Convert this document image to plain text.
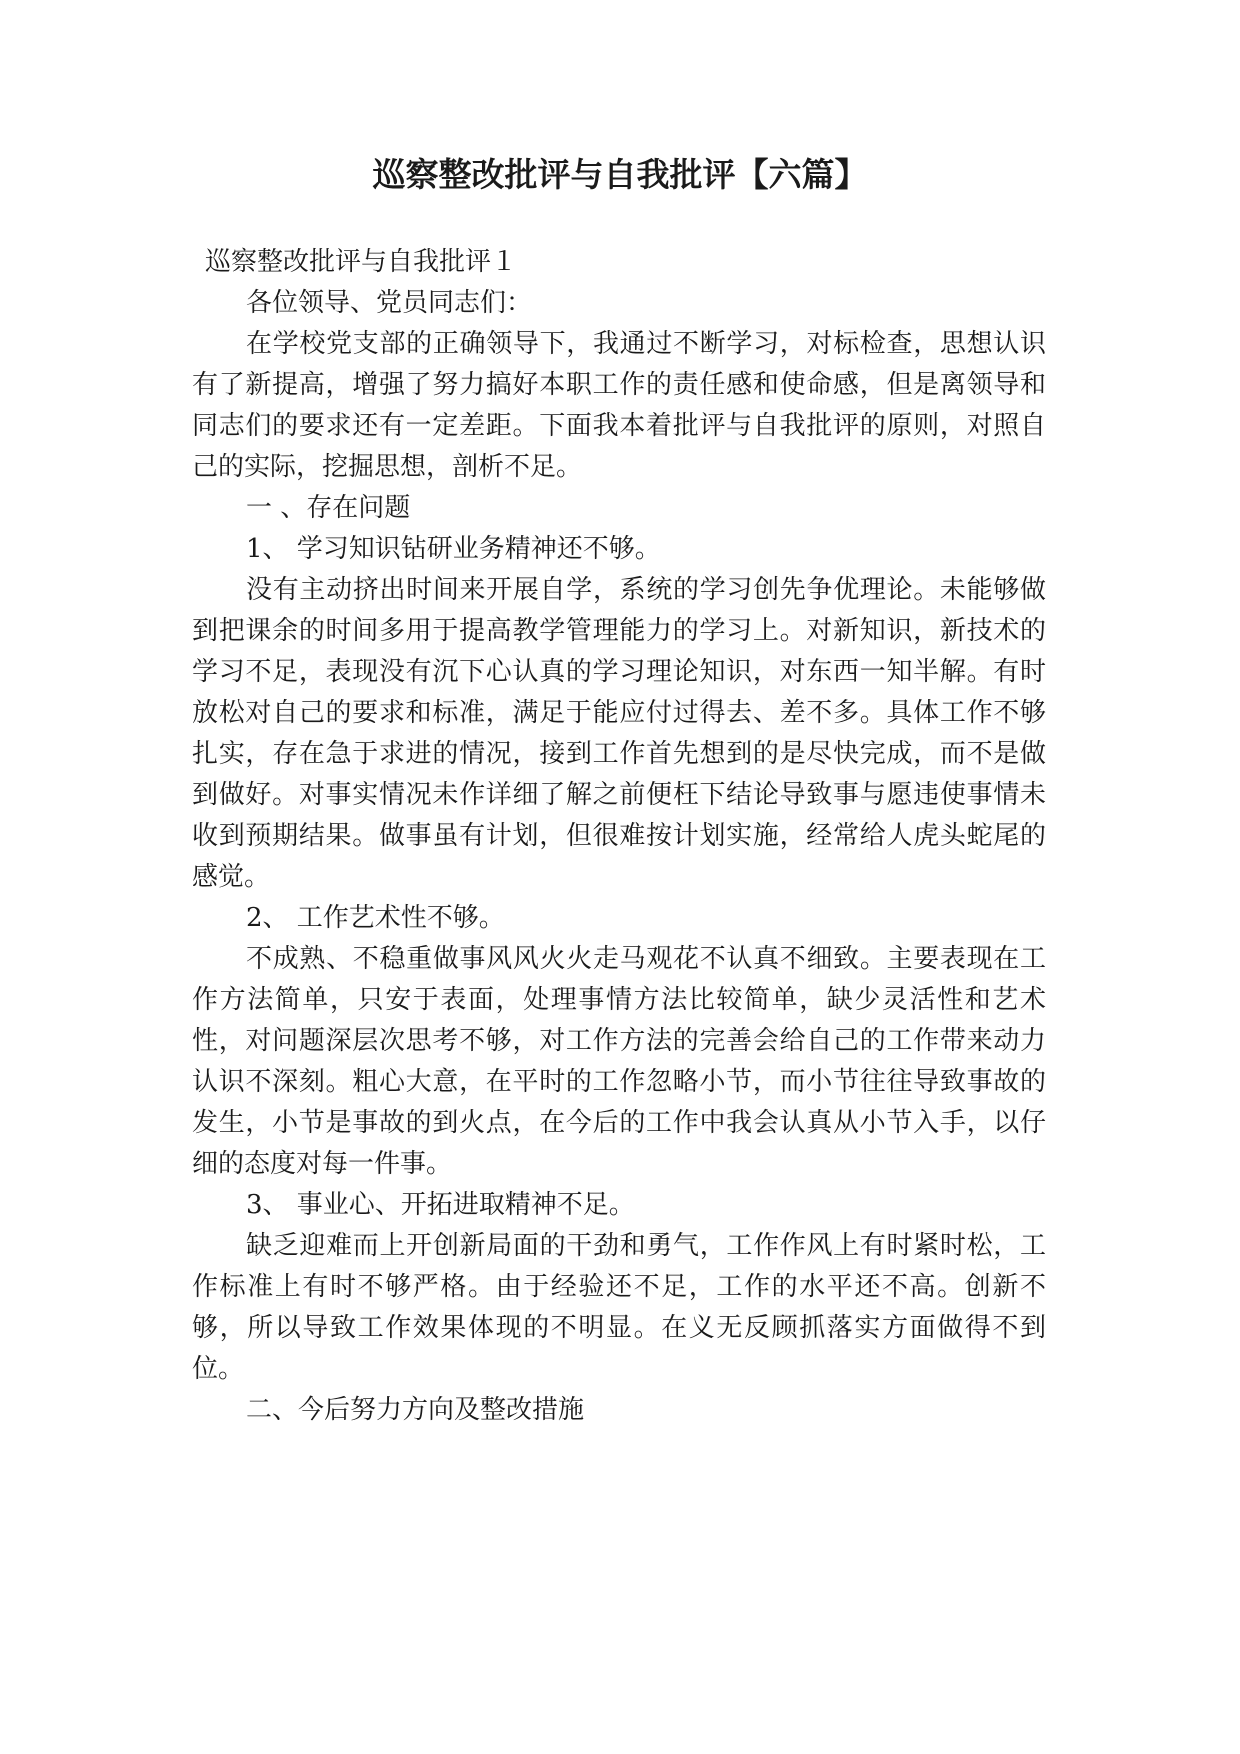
巡察整改批评与自我批评【六篇】

巡察整改批评与自我批评１

各位领导、党员同志们：

在学校党支部的正确领导下，我通过不断学习，对标检查，思想认识有了新提高，增强了努力搞好本职工作的责任感和使命感，但是离领导和同志们的要求还有一定差距。下面我本着批评与自我批评的原则，对照自己的实际，挖掘思想，剖析不足。

一 、存在问题

1、 学习知识钻研业务精神还不够。

没有主动挤出时间来开展自学，系统的学习创先争优理论。未能够做到把课余的时间多用于提高教学管理能力的学习上。对新知识，新技术的学习不足，表现没有沉下心认真的学习理论知识，对东西一知半解。有时放松对自己的要求和标准，满足于能应付过得去、差不多。具体工作不够扎实，存在急于求进的情况，接到工作首先想到的是尽快完成，而不是做到做好。对事实情况未作详细了解之前便枉下结论导致事与愿违使事情未收到预期结果。做事虽有计划，但很难按计划实施，经常给人虎头蛇尾的感觉。

2、 工作艺术性不够。

不成熟、不稳重做事风风火火走马观花不认真不细致。主要表现在工作方法简单，只安于表面，处理事情方法比较简单，缺少灵活性和艺术性，对问题深层次思考不够，对工作方法的完善会给自己的工作带来动力认识不深刻。粗心大意，在平时的工作忽略小节，而小节往往导致事故的发生，小节是事故的到火点，在今后的工作中我会认真从小节入手，以仔细的态度对每一件事。

3、 事业心、开拓进取精神不足。

缺乏迎难而上开创新局面的干劲和勇气，工作作风上有时紧时松，工作标准上有时不够严格。由于经验还不足，工作的水平还不高。创新不够，所以导致工作效果体现的不明显。在义无反顾抓落实方面做得不到位。

二、今后努力方向及整改措施
